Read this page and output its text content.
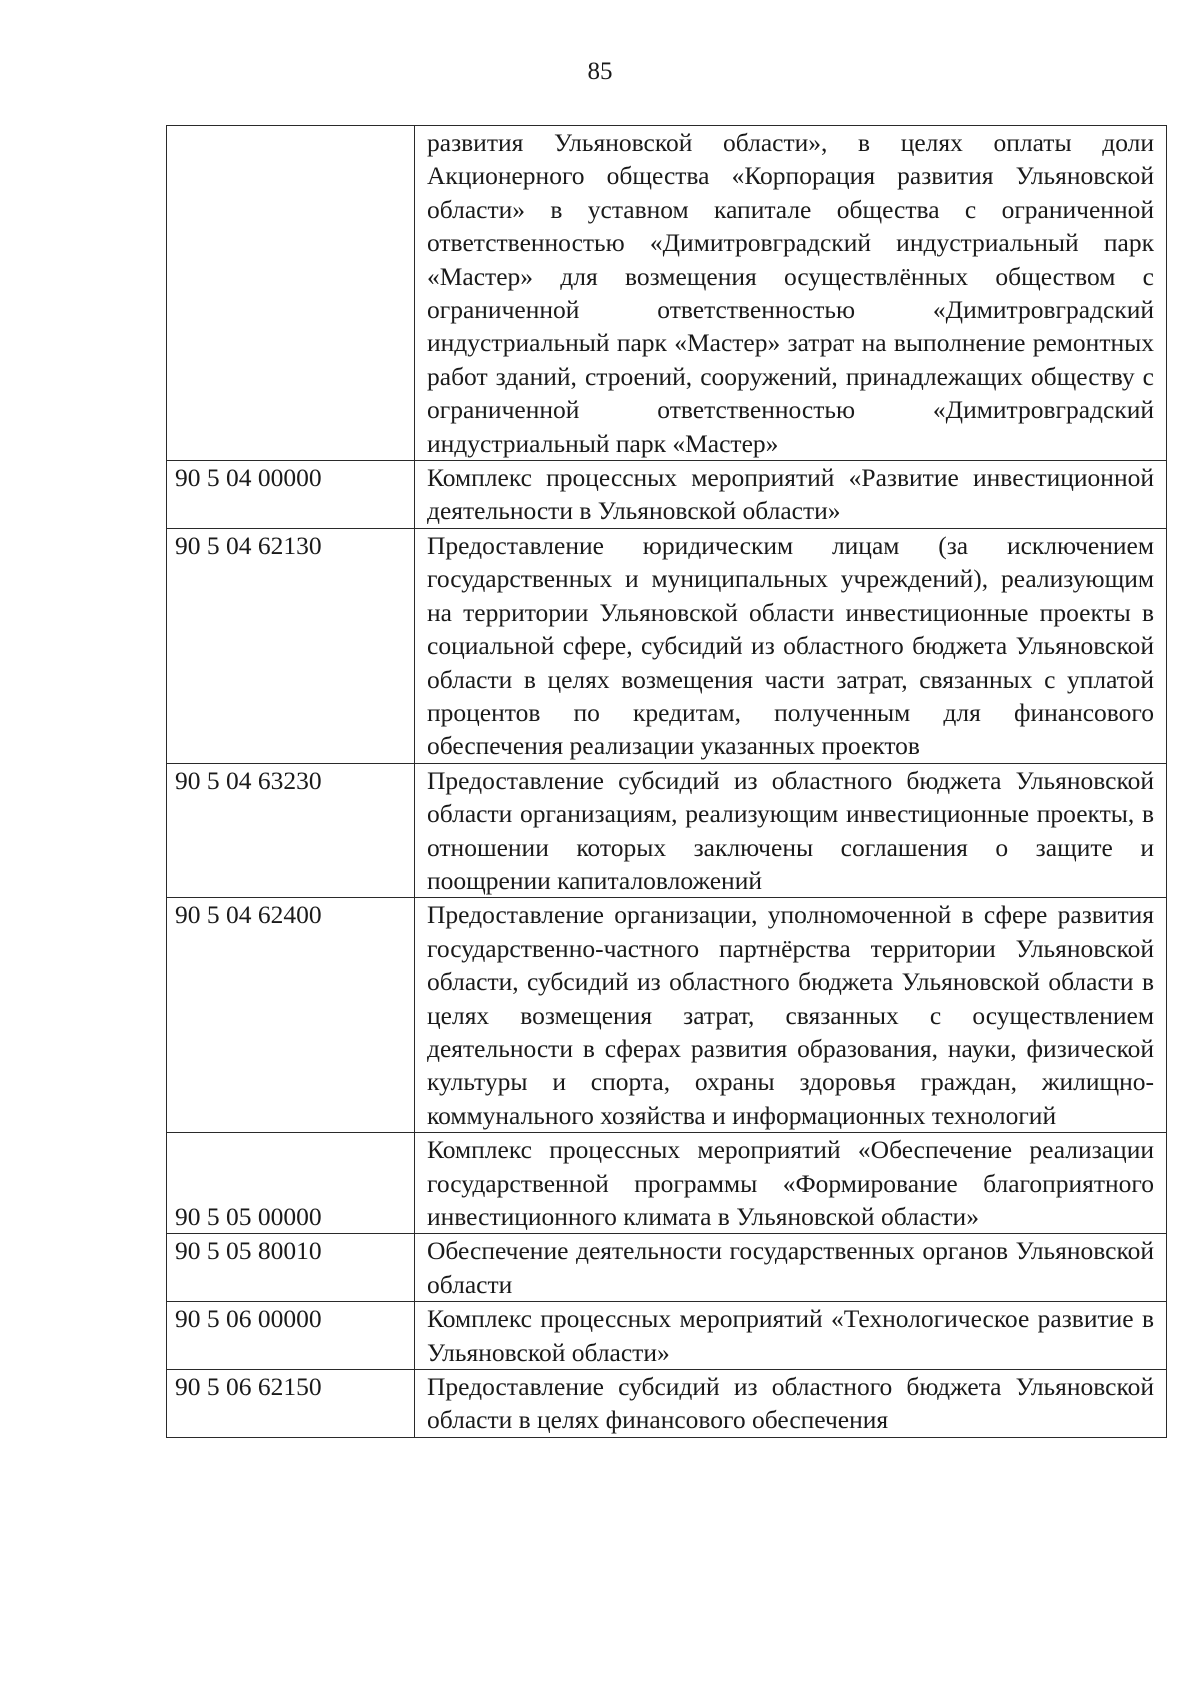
85
	развития Ульяновской области», в целях оплаты доли Акционерного общества «Корпорация развития Ульяновской области» в уставном капитале общества с ограниченной ответственностью «Димитровградский индустриальный парк «Мастер» для возмещения осуществлённых обществом с ограниченной ответственностью «Димитровградский индустриальный парк «Мастер» затрат на выполнение ремонтных работ зданий, строений, сооружений, принадлежащих обществу с ограниченной ответственностью «Димитровградский индустриальный парк «Мастер»
90 5 04 00000	Комплекс процессных мероприятий «Развитие инвестиционной деятельности в Ульяновской области»
90 5 04 62130	Предоставление юридическим лицам (за исключением государственных и муниципальных учреждений), реализующим на территории Ульяновской области инвестиционные проекты в социальной сфере, субсидий из областного бюджета Ульяновской области в целях возмещения части затрат, связанных с уплатой процентов по кредитам, полученным для финансового обеспечения реализации указанных проектов
90 5 04 63230	Предоставление субсидий из областного бюджета Ульяновской области организациям, реализующим инвестиционные проекты, в отношении которых заключены соглашения о защите и поощрении капиталовложений
90 5 04 62400	Предоставление организации, уполномоченной в сфере развития государственно-частного партнёрства территории Ульяновской области, субсидий из областного бюджета Ульяновской области в целях возмещения затрат, связанных с осуществлением деятельности в сферах развития образования, науки, физической культуры и спорта, охраны здоровья граждан, жилищно-коммунального хозяйства и информационных технологий
90 5 05 00000	Комплекс процессных мероприятий «Обеспечение реализации государственной программы «Формирование благоприятного инвестиционного климата в Ульяновской области»
90 5 05 80010	Обеспечение деятельности государственных органов Ульяновской области
90 5 06 00000	Комплекс процессных мероприятий «Технологическое развитие в Ульяновской области»
90 5 06 62150	Предоставление субсидий из областного бюджета Ульяновской области в целях финансового обеспечения
